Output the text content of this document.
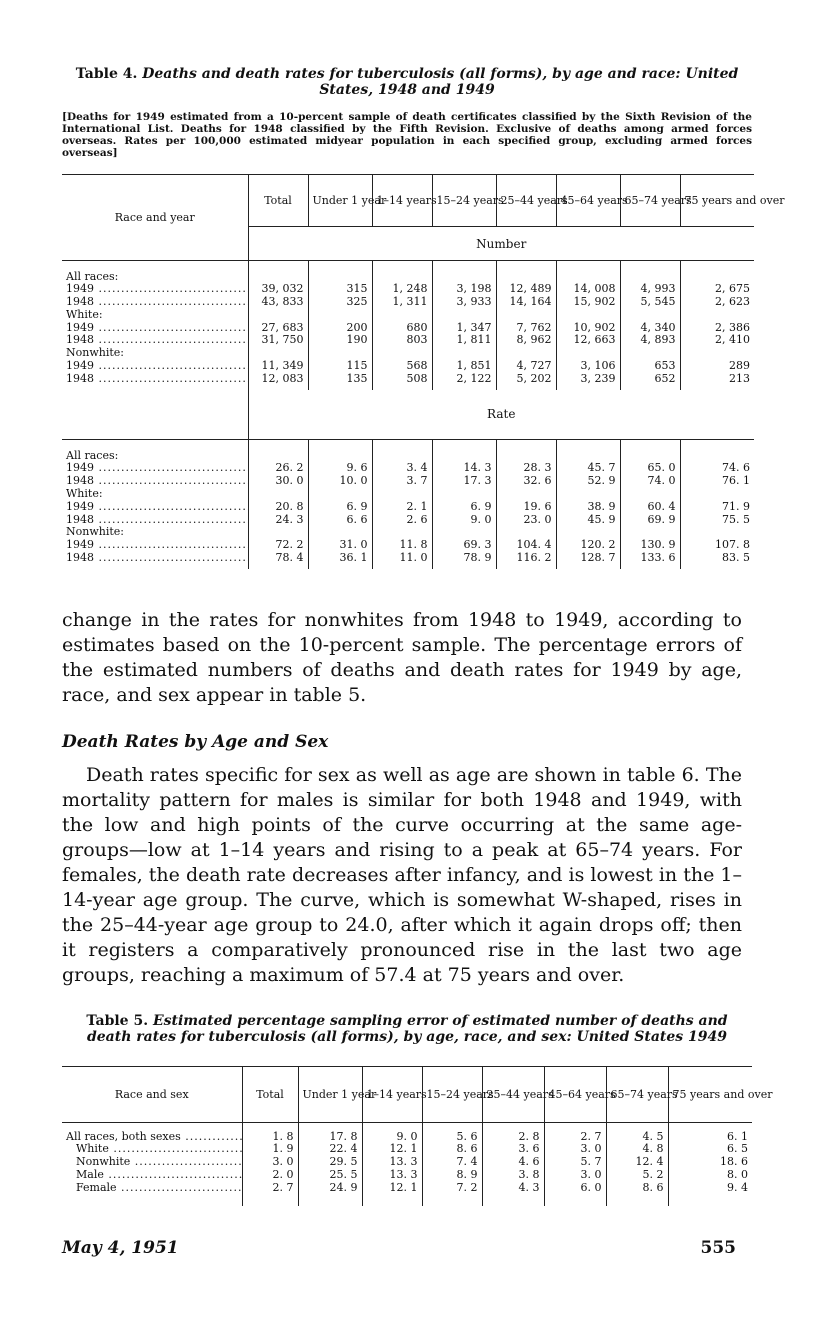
Table 4. Deaths and death rates for tuberculosis (all forms), by age and race: United States, 1948 and 1949
[Deaths for 1949 estimated from a 10-percent sample of death certificates classified by the Sixth Revision of the International List. Deaths for 1948 classified by the Fifth Revision. Exclusive of deaths among armed forces overseas. Rates per 100,000 estimated midyear population in each specified group, excluding armed forces overseas]
Race and year	Total	Under 1 year	1–14 years	15–24 years	25–44 years	45–64 years	65–74 years	75 years and over
	Number							

All races:								
1949 .....	39, 032	315	1, 248	3, 198	12, 489	14, 008	4, 993	2, 675
1948 .....	43, 833	325	1, 311	3, 933	14, 164	15, 902	5, 545	2, 623
White:								
1949 .....	27, 683	200	680	1, 347	7, 762	10, 902	4, 340	2, 386
1948 .....	31, 750	190	803	1, 811	8, 962	12, 663	4, 893	2, 410
Nonwhite:								
1949 .....	11, 349	115	568	1, 851	4, 727	3, 106	653	289
1948 .....	12, 083	135	508	2, 122	5, 202	3, 239	652	213

	Rate							

All races:								
1949 .....	26. 2	9. 6	3. 4	14. 3	28. 3	45. 7	65. 0	74. 6
1948 .....	30. 0	10. 0	3. 7	17. 3	32. 6	52. 9	74. 0	76. 1
White:								
1949 .....	20. 8	6. 9	2. 1	6. 9	19. 6	38. 9	60. 4	71. 9
1948 .....	24. 3	6. 6	2. 6	9. 0	23. 0	45. 9	69. 9	75. 5
Nonwhite:								
1949 .....	72. 2	31. 0	11. 8	69. 3	104. 4	120. 2	130. 9	107. 8
1948 .....	78. 4	36. 1	11. 0	78. 9	116. 2	128. 7	133. 6	83. 5

change in the rates for nonwhites from 1948 to 1949, according to estimates based on the 10-percent sample. The percentage errors of the estimated numbers of deaths and death rates for 1949 by age, race, and sex appear in table 5.
Death Rates by Age and Sex
Death rates specific for sex as well as age are shown in table 6. The mortality pattern for males is similar for both 1948 and 1949, with the low and high points of the curve occurring at the same age-groups—low at 1–14 years and rising to a peak at 65–74 years. For females, the death rate decreases after infancy, and is lowest in the 1–14-year age group. The curve, which is somewhat W-shaped, rises in the 25–44-year age group to 24.0, after which it again drops off; then it registers a comparatively pronounced rise in the last two age groups, reaching a maximum of 57.4 at 75 years and over.
Table 5. Estimated percentage sampling error of estimated number of deaths and death rates for tuberculosis (all forms), by age, race, and sex: United States 1949
Race and sex	Total	Under 1 year	1–14 years	15–24 years	25–44 years	45–64 years	65–74 years	75 years and over

All races, both sexes .....	1. 8	17. 8	9. 0	5. 6	2. 8	2. 7	4. 5	6. 1
White .....	1. 9	22. 4	12. 1	8. 6	3. 6	3. 0	4. 8	6. 5
Nonwhite .....	3. 0	29. 5	13. 3	7. 4	4. 6	5. 7	12. 4	18. 6
Male .....	2. 0	25. 5	13. 3	8. 9	3. 8	3. 0	5. 2	8. 0
Female .....	2. 7	24. 9	12. 1	7. 2	4. 3	6. 0	8. 6	9. 4

May 4, 1951	555
